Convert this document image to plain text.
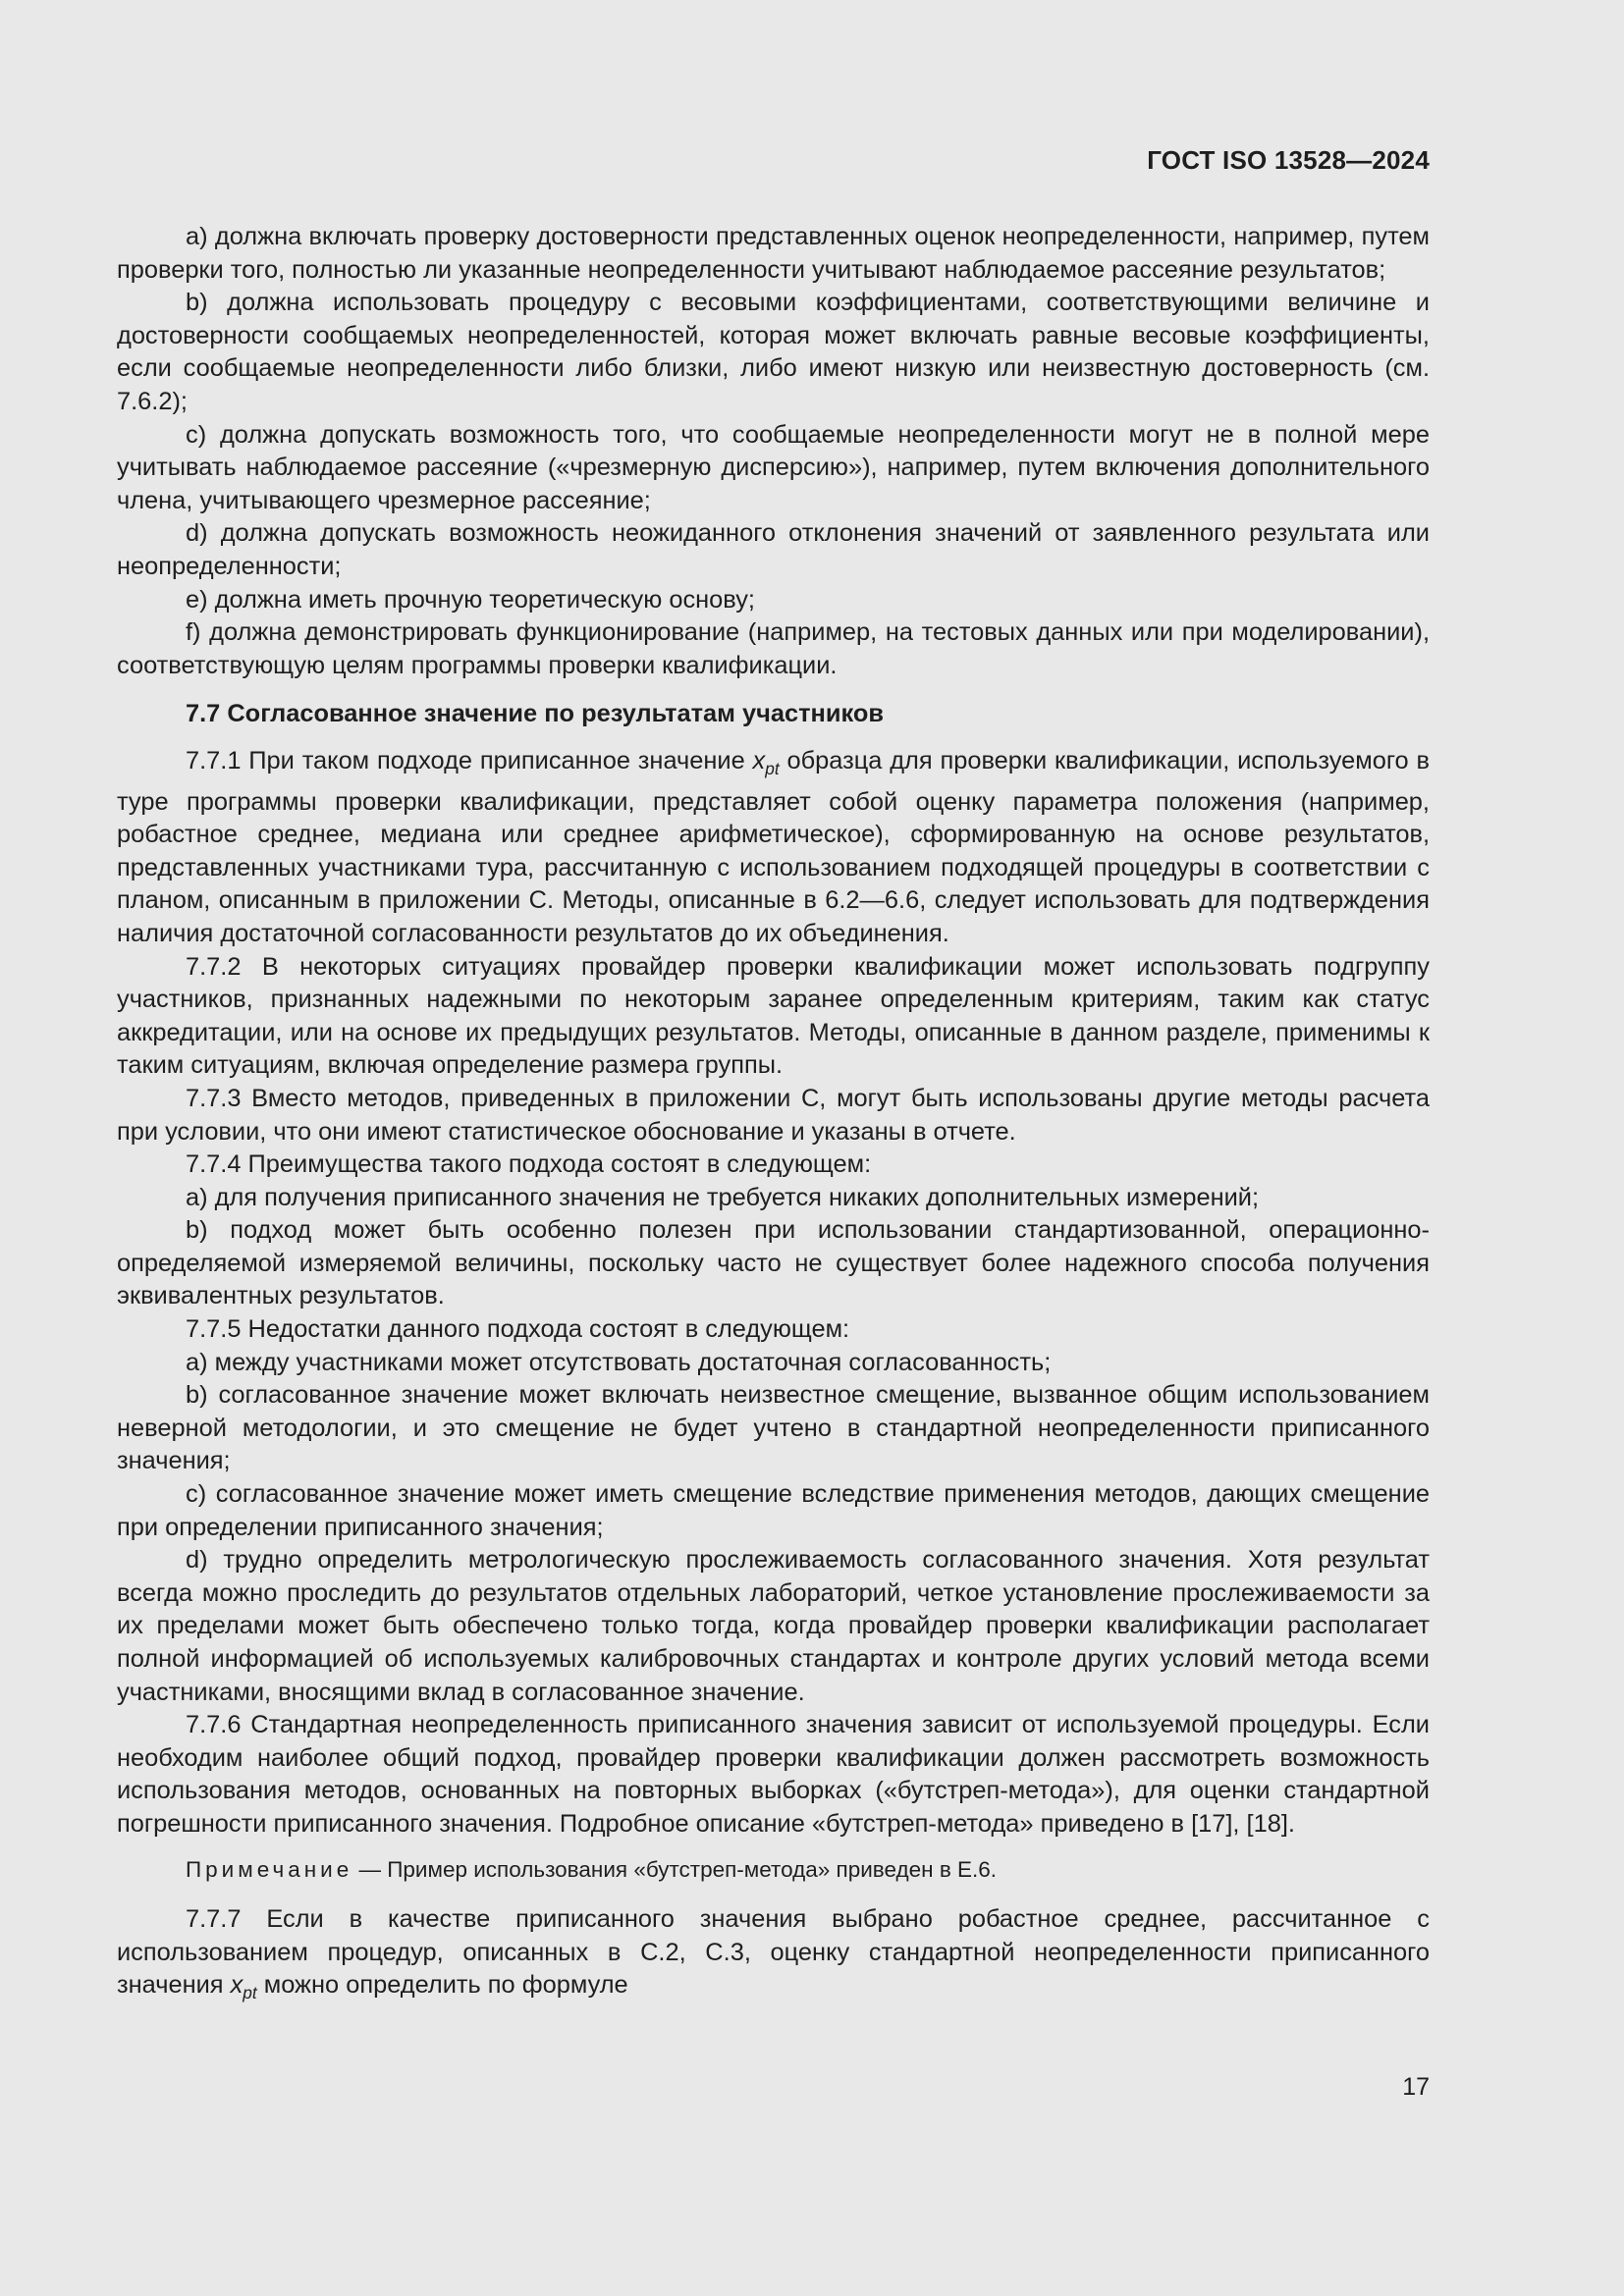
ГОСТ ISO 13528—2024

a) должна включать проверку достоверности представленных оценок неопределенности, например, путем проверки того, полностью ли указанные неопределенности учитывают наблюдаемое рассеяние результатов;

b) должна использовать процедуру с весовыми коэффициентами, соответствующими величине и достоверности сообщаемых неопределенностей, которая может включать равные весовые коэффициенты, если сообщаемые неопределенности либо близки, либо имеют низкую или неизвестную достоверность (см. 7.6.2);

c) должна допускать возможность того, что сообщаемые неопределенности могут не в полной мере учитывать наблюдаемое рассеяние («чрезмерную дисперсию»), например, путем включения дополнительного члена, учитывающего чрезмерное рассеяние;

d) должна допускать возможность неожиданного отклонения значений от заявленного результата или неопределенности;

e) должна иметь прочную теоретическую основу;

f) должна демонстрировать функционирование (например, на тестовых данных или при моделировании), соответствующую целям программы проверки квалификации.

7.7 Согласованное значение по результатам участников

7.7.1 При таком подходе приписанное значение $x_{pt}$ образца для проверки квалификации, используемого в туре программы проверки квалификации, представляет собой оценку параметра положения (например, робастное среднее, медиана или среднее арифметическое), сформированную на основе результатов, представленных участниками тура, рассчитанную с использованием подходящей процедуры в соответствии с планом, описанным в приложении С. Методы, описанные в 6.2—6.6, следует использовать для подтверждения наличия достаточной согласованности результатов до их объединения.

7.7.2 В некоторых ситуациях провайдер проверки квалификации может использовать подгруппу участников, признанных надежными по некоторым заранее определенным критериям, таким как статус аккредитации, или на основе их предыдущих результатов. Методы, описанные в данном разделе, применимы к таким ситуациям, включая определение размера группы.

7.7.3 Вместо методов, приведенных в приложении С, могут быть использованы другие методы расчета при условии, что они имеют статистическое обоснование и указаны в отчете.

7.7.4 Преимущества такого подхода состоят в следующем:

a) для получения приписанного значения не требуется никаких дополнительных измерений;

b) подход может быть особенно полезен при использовании стандартизованной, операционно-определяемой измеряемой величины, поскольку часто не существует более надежного способа получения эквивалентных результатов.

7.7.5 Недостатки данного подхода состоят в следующем:

a) между участниками может отсутствовать достаточная согласованность;

b) согласованное значение может включать неизвестное смещение, вызванное общим использованием неверной методологии, и это смещение не будет учтено в стандартной неопределенности приписанного значения;

c) согласованное значение может иметь смещение вследствие применения методов, дающих смещение при определении приписанного значения;

d) трудно определить метрологическую прослеживаемость согласованного значения. Хотя результат всегда можно проследить до результатов отдельных лабораторий, четкое установление прослеживаемости за их пределами может быть обеспечено только тогда, когда провайдер проверки квалификации располагает полной информацией об используемых калибровочных стандартах и контроле других условий метода всеми участниками, вносящими вклад в согласованное значение.

7.7.6 Стандартная неопределенность приписанного значения зависит от используемой процедуры. Если необходим наиболее общий подход, провайдер проверки квалификации должен рассмотреть возможность использования методов, основанных на повторных выборках («бутстреп-метода»), для оценки стандартной погрешности приписанного значения. Подробное описание «бутстреп-метода» приведено в [17], [18].

Примечание — Пример использования «бутстреп-метода» приведен в Е.6.

7.7.7 Если в качестве приписанного значения выбрано робастное среднее, рассчитанное с использованием процедур, описанных в С.2, С.3, оценку стандартной неопределенности приписанного значения $x_{pt}$ можно определить по формуле

17
